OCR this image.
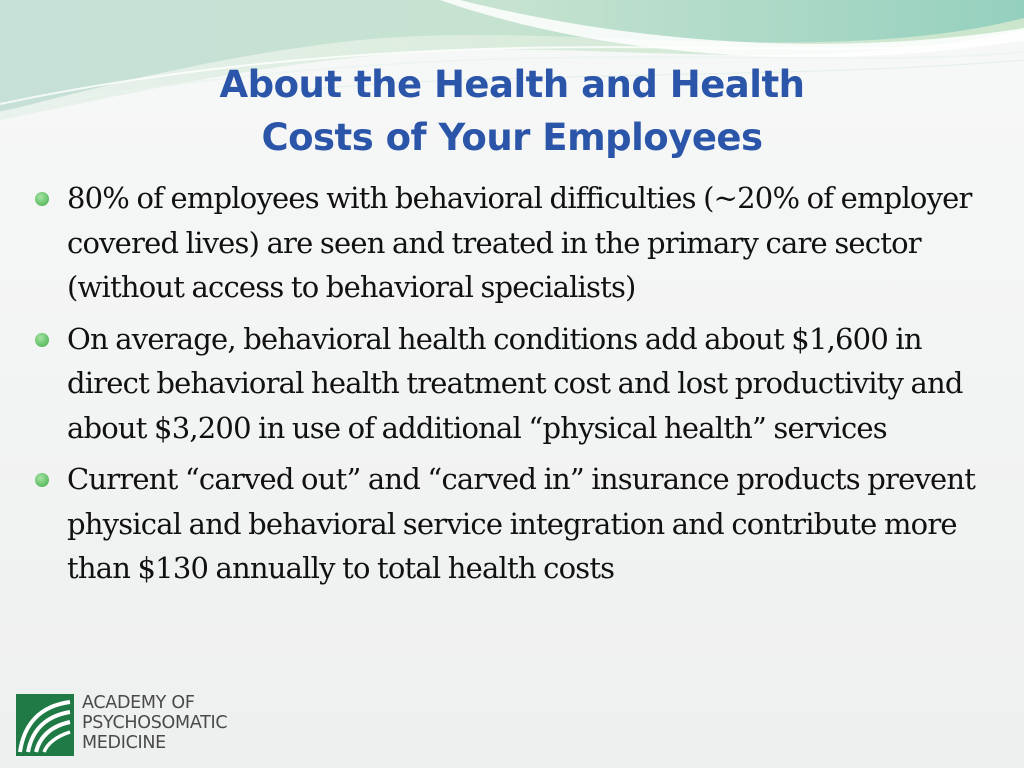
About the Health and Health
Costs of Your Employees
80% of employees with behavioral difficulties (~20% of employer covered lives) are seen and treated in the primary care sector (without access to behavioral specialists)
On average, behavioral health conditions add about $1,600 in direct behavioral health treatment cost and lost productivity and about $3,200 in use of additional “physical health” services
Current “carved out” and “carved in” insurance products prevent physical and behavioral service integration and contribute more than $130 annually to total health costs
ACADEMY OF
PSYCHOSOMATIC
MEDICINE
